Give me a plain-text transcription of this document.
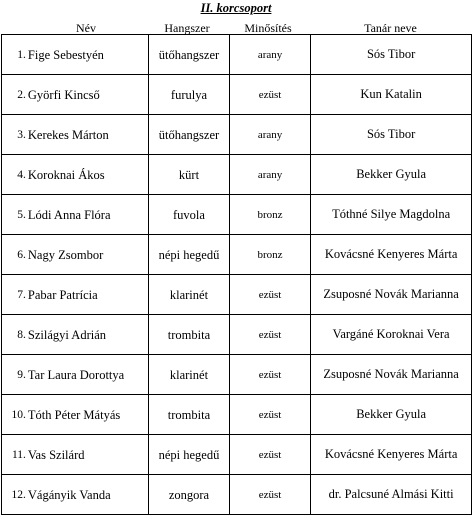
II. korcsoport
Név	Hangszer	Minősítés	Tanár neve
1.	Fige Sebestyén	ütőhangszer	arany	Sós Tibor
2.	Györfi Kincső	furulya	ezüst	Kun Katalin
3.	Kerekes Márton	ütőhangszer	arany	Sós Tibor
4.	Koroknai Ákos	kürt	arany	Bekker Gyula
5.	Lódi Anna Flóra	fuvola	bronz	Tóthné Silye Magdolna
6.	Nagy Zsombor	népi hegedű	bronz	Kovácsné Kenyeres Márta
7.	Pabar Patrícia	klarinét	ezüst	Zsuposné Novák Marianna
8.	Szilágyi Adrián	trombita	ezüst	Vargáné Koroknai Vera
9.	Tar Laura Dorottya	klarinét	ezüst	Zsuposné Novák Marianna
10.	Tóth Péter Mátyás	trombita	ezüst	Bekker Gyula
11.	Vas Szilárd	népi hegedű	ezüst	Kovácsné Kenyeres Márta
12.	Vágányik Vanda	zongora	ezüst	dr. Palcsuné Almási Kitti
